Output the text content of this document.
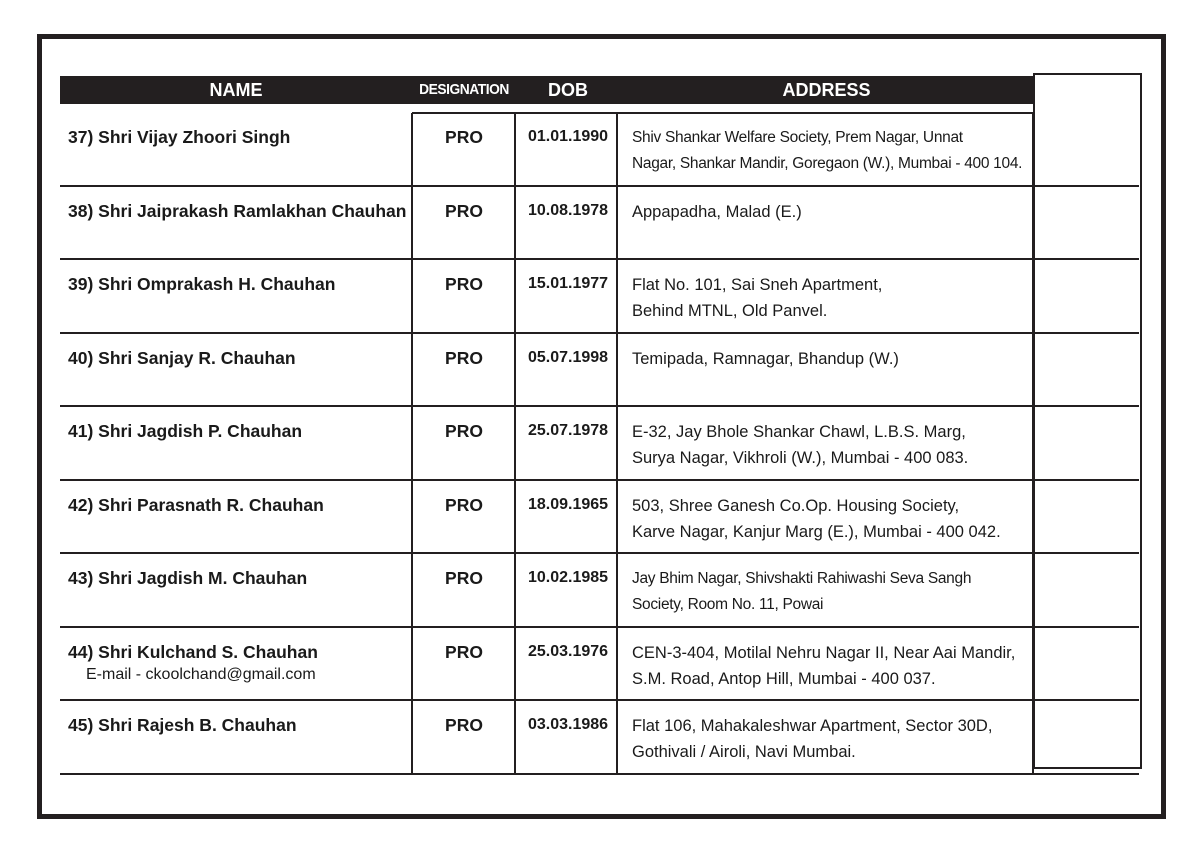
NAME	DESIGNATION	DOB	ADDRESS
37) Shri Vijay Zhoori Singh	PRO	01.01.1990	Shiv Shankar Welfare Society, Prem Nagar, Unnat
Nagar, Shankar Mandir, Goregaon (W.), Mumbai - 400 104.
38) Shri Jaiprakash Ramlakhan Chauhan	PRO	10.08.1978	Appapadha, Malad (E.)
39) Shri Omprakash H. Chauhan	PRO	15.01.1977	Flat No. 101, Sai Sneh Apartment,
Behind MTNL, Old Panvel.
40) Shri Sanjay R. Chauhan	PRO	05.07.1998	Temipada, Ramnagar, Bhandup (W.)
41) Shri Jagdish P. Chauhan	PRO	25.07.1978	E-32, Jay Bhole Shankar Chawl, L.B.S. Marg,
Surya Nagar, Vikhroli (W.), Mumbai - 400 083.
42) Shri Parasnath R. Chauhan	PRO	18.09.1965	503, Shree Ganesh Co.Op. Housing Society,
Karve Nagar, Kanjur Marg (E.), Mumbai - 400 042.
43) Shri Jagdish M. Chauhan	PRO	10.02.1985	Jay Bhim Nagar, Shivshakti Rahiwashi Seva Sangh
Society, Room No. 11, Powai
44) Shri Kulchand S. Chauhan
E-mail - ckoolchand@gmail.com
PRO	25.03.1976	CEN-3-404, Motilal Nehru Nagar II, Near Aai Mandir,
S.M. Road, Antop Hill, Mumbai - 400 037.
45) Shri Rajesh B. Chauhan	PRO	03.03.1986	Flat 106, Mahakaleshwar Apartment, Sector 30D,
Gothivali / Airoli, Navi Mumbai.
